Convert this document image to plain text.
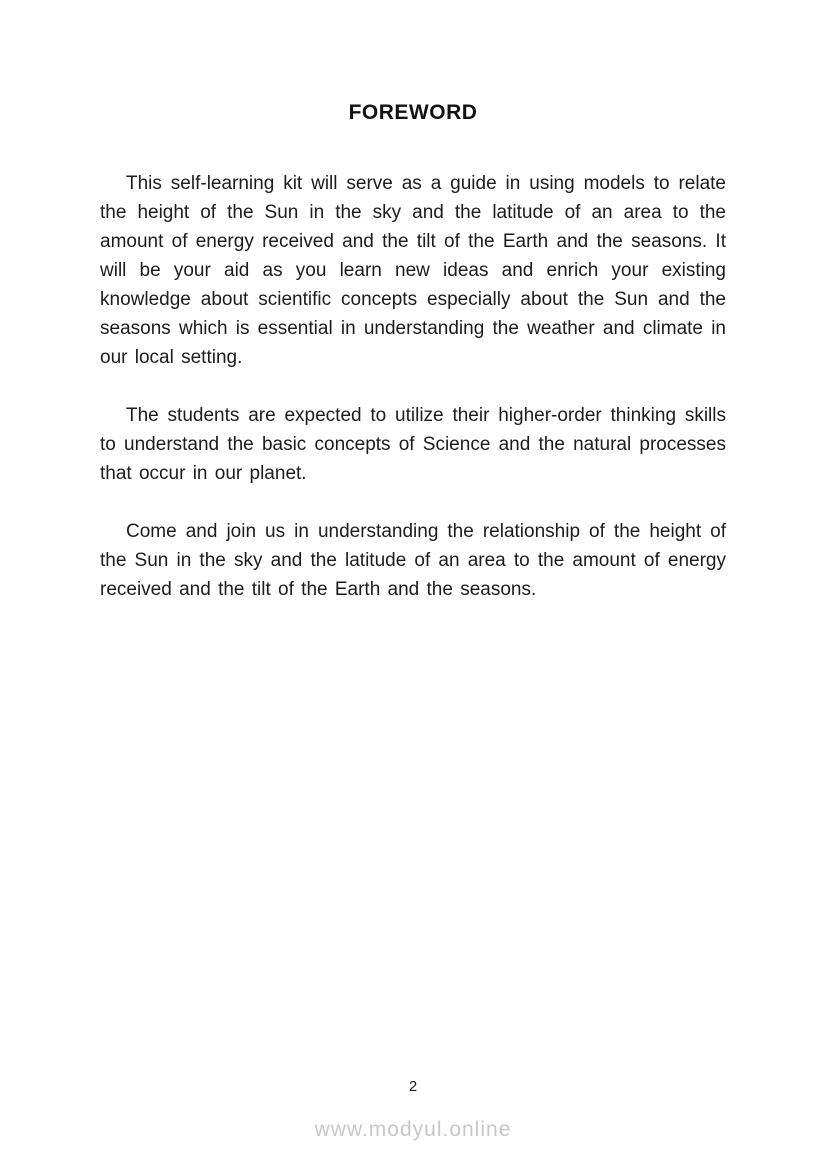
FOREWORD

This self-learning kit will serve as a guide in using models to relate the height of the Sun in the sky and the latitude of an area to the amount of energy received and the tilt of the Earth and the seasons. It will be your aid as you learn new ideas and enrich your existing knowledge about scientific concepts especially about the Sun and the seasons which is essential in understanding the weather and climate in our local setting.

The students are expected to utilize their higher-order thinking skills to understand the basic concepts of Science and the natural processes that occur in our planet.

Come and join us in understanding the relationship of the height of the Sun in the sky and the latitude of an area to the amount of energy received and the tilt of the Earth and the seasons.

2
www.modyul.online
